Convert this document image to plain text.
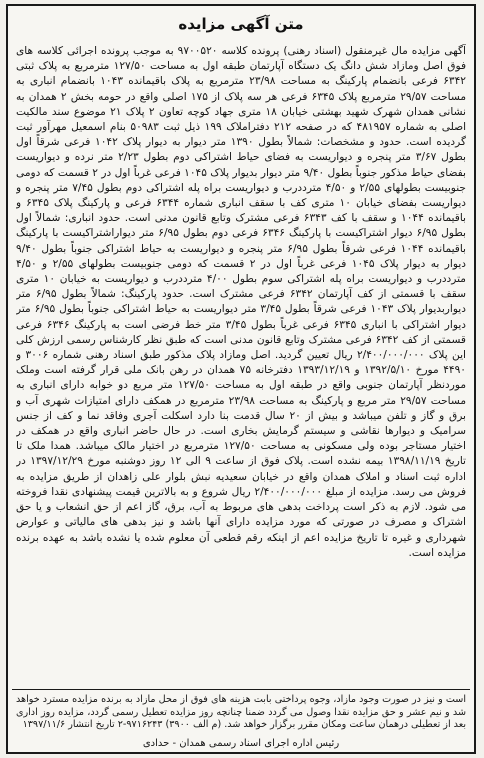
متن آگهی مزایده
آگهی مزایده مال غیرمنقول (اسناد رهنی) پرونده کلاسه ۹۷۰۰۵۲۰ به موجب پرونده اجرائی کلاسه های فوق اصل ومازاد شش دانگ یک دستگاه آپارتمان طبقه اول به مساحت ۱۲۷/۵۰ مترمربع به پلاک ثبتی ۶۳۴۲ فرعی بانضمام پارکینگ به مساحت ۲۳/۹۸ مترمربع به پلاک باقیمانده ۱۰۴۳ بانضمام انباری به مساحت ۲۹/۵۷ مترمربع پلاک ۶۳۴۵ فرعی هر سه پلاک از ۱۷۵ اصلی واقع در حومه بخش ۲ همدان به نشانی همدان شهرک شهید بهشتی خیابان ۱۸ متری جهاد کوچه تعاون ۲ پلاک ۲۱ موضوع سند مالکیت اصلی به شماره ۴۸۱۹۵۷ که در صفحه ۲۱۲ دفتراملاک ۱۹۹ ذیل ثبت ۵۰۹۸۳ بنام اسمعیل مهرآور ثبت گردیده است. حدود و مشخصات: شمالاً بطول ۱۳۹۰ متر دیوار به دیوار پلاک ۱۰۴۲ فرعی شرقاً اول بطول ۳/۶۷ متر پنجره و دیواریست به فضای حیاط اشتراکی دوم بطول ۲/۲۳ متر نرده و دیواریست بفضای حیاط مذکور جنوباً بطول ۹/۴۰ متر دیوار بدیوار پلاک ۱۰۴۵ فرعی غرباً اول در ۲ قسمت که دومی جنوبیست بطولهای ۲/۵۵ و ۴/۵۰ مترددرب و دیواریست براه پله اشتراکی دوم بطول ۷/۴۵ متر پنجره و دیواریست بفضای خیابان ۱۰ متری کف با سقف انباری شماره ۶۳۴۴ فرعی و پارکینگ پلاک ۶۳۴۵ و باقیمانده ۱۰۴۴ و سقف با کف ۶۳۴۳ فرعی مشترک وتابع قانون مدنی است. حدود انباری: شمالاً اول بطول ۶/۹۵ دیوار اشتراکیست با پارکینگ ۶۳۴۶ فرعی دوم بطول ۶/۹۵ متر دیواراشتراکیست با پارکینگ باقیمانده ۱۰۴۴ فرعی شرقاً بطول ۶/۹۵ متر پنجره و دیواریست به حیاط اشتراکی جنوباً بطول ۹/۴۰ دیوار به دیوار پلاک ۱۰۴۵ فرعی غرباً اول در ۲ قسمت که دومی جنوبیست بطولهای ۲/۵۵ و ۴/۵۰ مترددرب و دیواریست براه پله اشتراکی سوم بطول ۴/۰۰ مترددرب و دیواریست به خیابان ۱۰ متری سقف با قسمتی از کف آپارتمان ۶۳۴۲ فرعی مشترک است. حدود پارکینگ: شمالاً بطول ۶/۹۵ متر دیواربدیوار پلاک ۱۰۴۳ فرعی شرقاً بطول ۳/۴۵ متر دیواریست به حیاط اشتراکی جنوباً بطول ۶/۹۵ متر دیوار اشتراکی با انباری ۶۳۴۵ فرعی غرباً بطول ۳/۴۵ متر خط فرضی است به پارکینگ ۶۳۴۶ فرعی قسمتی از کف ۶۳۴۲ فرعی مشترک وتابع قانون مدنی است که طبق نظر کارشناس رسمی ارزش کلی این پلاک ۲/۴۰۰/۰۰۰/۰۰۰ ریال تعیین گردید. اصل ومازاد پلاک مذکور طبق اسناد رهنی شماره ۳۰۰۶ و ۴۴۹۰ مورخ ۱۳۹۲/۵/۱۰ و ۱۳۹۳/۱۲/۱۹ دفترخانه ۷۵ همدان در رهن بانک ملی قرار گرفته است وملک موردنظر آپارتمان جنوبی واقع در طبقه اول به مساحت ۱۲۷/۵۰ متر مربع دو خوابه دارای انباری به مساحت ۲۹/۵۷ متر مربع و پارکینگ به مساحت ۲۳/۹۸ مترمربع در همکف دارای امتیازات شهری آب و برق و گاز و تلفن میباشد و بیش از ۲۰ سال قدمت بنا دارد اسکلت آجری وفاقد نما و کف از جنس سرامیک و دیوارها نقاشی و سیستم گرمایش بخاری است. در حال حاضر انباری واقع در همکف در اختیار مستاجر بوده ولی مسکونی به مساحت ۱۲۷/۵۰ مترمربع در اختیار مالک میباشد. همدا ملک تا تاریخ ۱۳۹۸/۱۱/۱۹ بیمه نشده است. پلاک فوق از ساعت ۹ الی ۱۲ روز دوشنبه مورخ ۱۳۹۷/۱۲/۲۹ در اداره ثبت اسناد و املاک همدان واقع در خیابان سعیدیه نبش بلوار علی زاهدان از طریق مزایده به فروش می رسد. مزایده از مبلغ ۲/۴۰۰/۰۰۰/۰۰۰ ریال شروع و به بالاترین قیمت پیشنهادی نقدا فروخته می شود. لازم به ذکر است پرداخت بدهی های مربوط به آب، برق، گاز اعم از حق انشعاب و یا حق اشتراک و مصرف در صورتی که مورد مزایده دارای آنها باشد و نیز بدهی های مالیاتی و عوارض شهرداری و غیره تا تاریخ مزایده اعم از اینکه رقم قطعی آن معلوم شده یا نشده باشد به عهده برنده مزایده است.
است و نیز در صورت وجود مازاد، وجوه پرداختی بابت هزینه های فوق از محل مازاد به برنده مزایده مسترد خواهد شد و نیم عشر و حق مزایده نقدا وصول می گردد ضمنا چنانچه روز مزایده تعطیل رسمی گردد، مزایده روز اداری بعد از تعطیلی درهمان ساعت ومکان مقرر برگزار خواهد شد. (م الف ۳۹۰۰) ۹۷۱۶۲۴۳-۲ تاریخ انتشار ۱۳۹۷/۱۱/۶
رئیس اداره اجرای اسناد رسمی همدان - حدادی
